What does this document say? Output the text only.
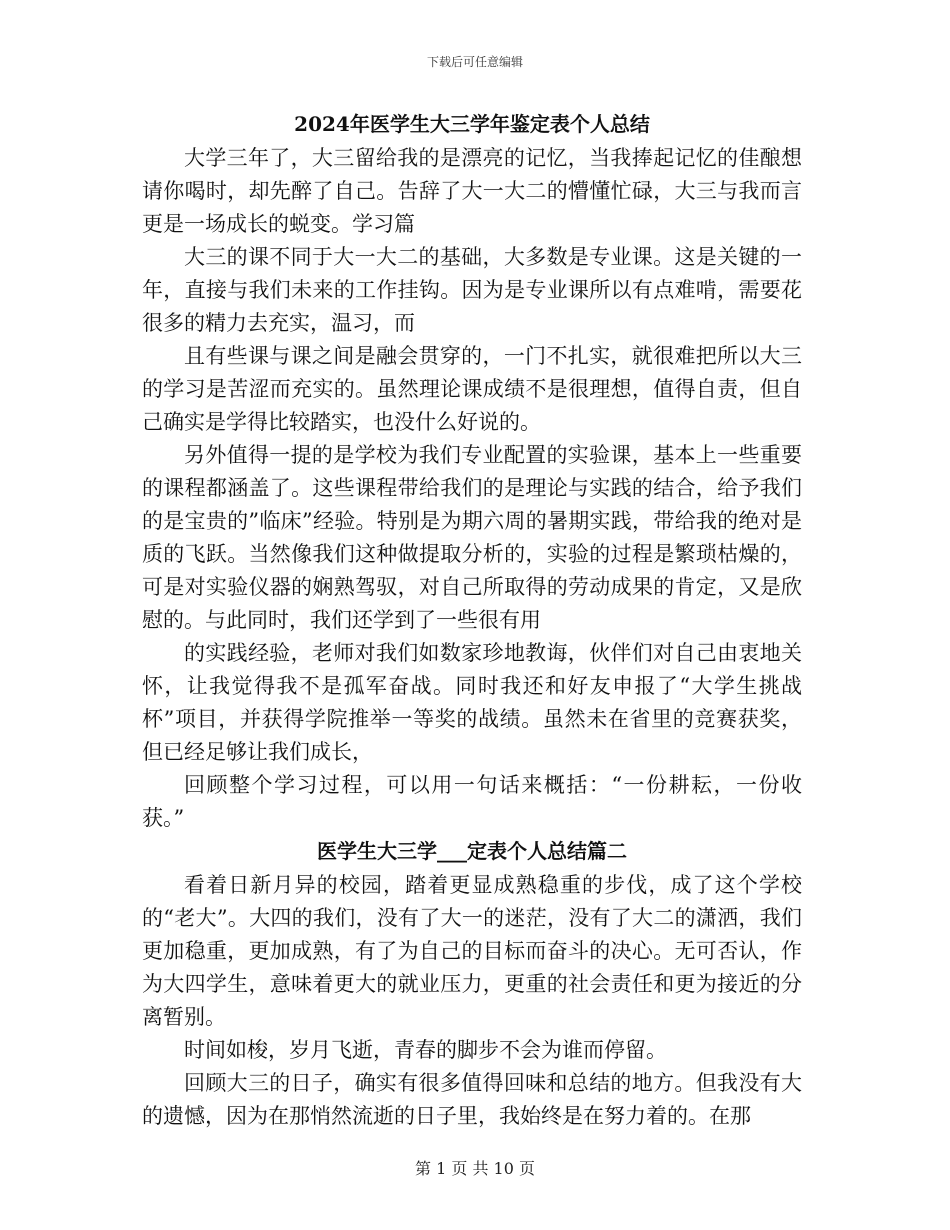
下载后可任意编辑
2024年医学生大三学年鉴定表个人总结

大学三年了，大三留给我的是漂亮的记忆，当我捧起记忆的佳酿想请你喝时，却先醉了自己。告辞了大一大二的懵懂忙碌，大三与我而言更是一场成长的蜕变。学习篇

大三的课不同于大一大二的基础，大多数是专业课。这是关键的一年，直接与我们未来的工作挂钩。因为是专业课所以有点难啃，需要花很多的精力去充实，温习，而

且有些课与课之间是融会贯穿的，一门不扎实，就很难把所以大三的学习是苦涩而充实的。虽然理论课成绩不是很理想，值得自责，但自己确实是学得比较踏实，也没什么好说的。

另外值得一提的是学校为我们专业配置的实验课，基本上一些重要的课程都涵盖了。这些课程带给我们的是理论与实践的结合，给予我们的是宝贵的”临床”经验。特别是为期六周的暑期实践，带给我的绝对是质的飞跃。当然像我们这种做提取分析的，实验的过程是繁琐枯燥的，可是对实验仪器的娴熟驾驭，对自己所取得的劳动成果的肯定，又是欣慰的。与此同时，我们还学到了一些很有用

的实践经验，老师对我们如数家珍地教诲，伙伴们对自己由衷地关怀，让我觉得我不是孤军奋战。同时我还和好友申报了“大学生挑战杯”项目，并获得学院推举一等奖的战绩。虽然未在省里的竞赛获奖，但已经足够让我们成长，

回顾整个学习过程，可以用一句话来概括：“一份耕耘，一份收获。”

医学生大三学___定表个人总结篇二

看着日新月异的校园，踏着更显成熟稳重的步伐，成了这个学校的“老大”。大四的我们，没有了大一的迷茫，没有了大二的潇洒，我们更加稳重，更加成熟，有了为自己的目标而奋斗的决心。无可否认，作为大四学生，意味着更大的就业压力，更重的社会责任和更为接近的分离暂别。

时间如梭，岁月飞逝，青春的脚步不会为谁而停留。

回顾大三的日子，确实有很多值得回味和总结的地方。但我没有大的遗憾，因为在那悄然流逝的日子里，我始终是在努力着的。在那

第 1 页 共 10 页
